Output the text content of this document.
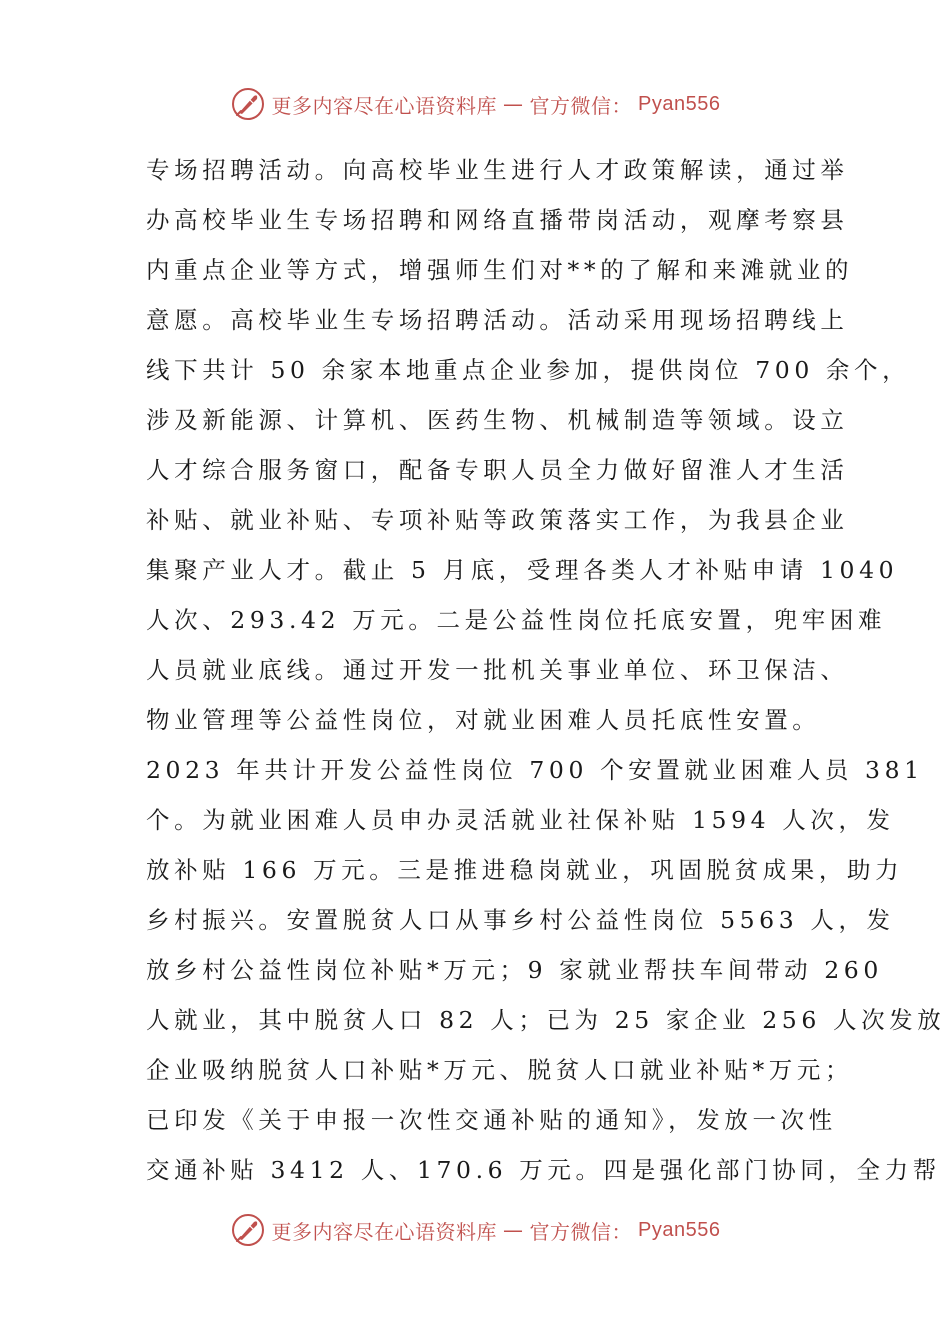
更多内容尽在心语资料库 — 官方微信： Pyan556
专场招聘活动。向高校毕业生进行人才政策解读，通过举
办高校毕业生专场招聘和网络直播带岗活动，观摩考察县
内重点企业等方式，增强师生们对**的了解和来滩就业的
意愿。高校毕业生专场招聘活动。活动采用现场招聘线上
线下共计 50 余家本地重点企业参加，提供岗位 700 余个，
涉及新能源、计算机、医药生物、机械制造等领域。设立
人才综合服务窗口，配备专职人员全力做好留淮人才生活
补贴、就业补贴、专项补贴等政策落实工作，为我县企业
集聚产业人才。截止 5 月底，受理各类人才补贴申请 1040
人次、293.42 万元。二是公益性岗位托底安置，兜牢困难
人员就业底线。通过开发一批机关事业单位、环卫保洁、
物业管理等公益性岗位，对就业困难人员托底性安置。
2023 年共计开发公益性岗位 700 个安置就业困难人员 381
个。为就业困难人员申办灵活就业社保补贴 1594 人次，发
放补贴 166 万元。三是推进稳岗就业，巩固脱贫成果，助力
乡村振兴。安置脱贫人口从事乡村公益性岗位 5563 人，发
放乡村公益性岗位补贴*万元；9 家就业帮扶车间带动 260
人就业，其中脱贫人口 82 人；已为 25 家企业 256 人次发放
企业吸纳脱贫人口补贴*万元、脱贫人口就业补贴*万元；
已印发《关于申报一次性交通补贴的通知》，发放一次性
交通补贴 3412 人、170.6 万元。四是强化部门协同，全力帮
更多内容尽在心语资料库 — 官方微信： Pyan556
